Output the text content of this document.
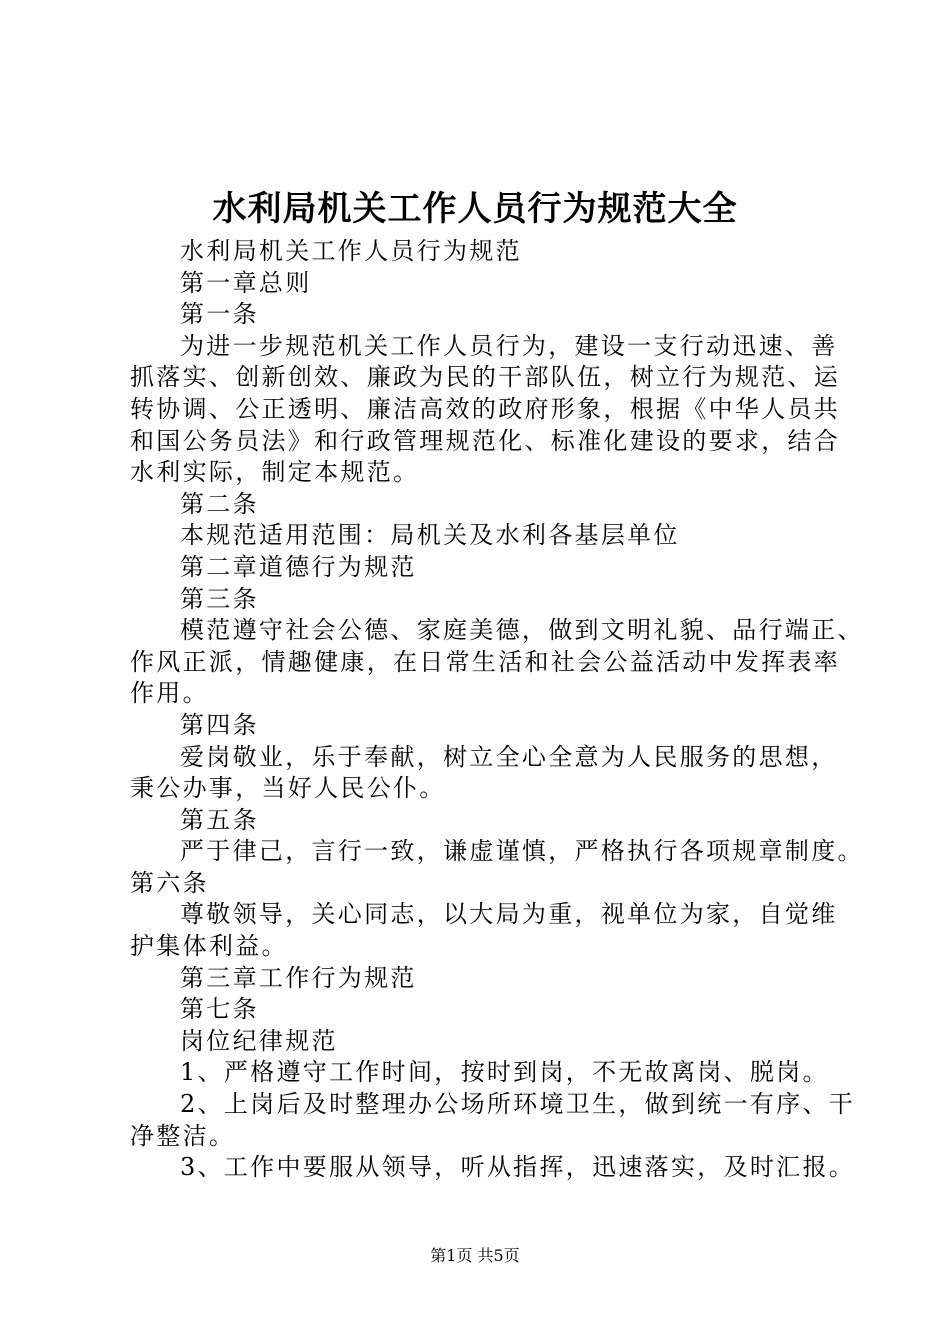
水利局机关工作人员行为规范大全
水利局机关工作人员行为规范
第一章总则
第一条
为进一步规范机关工作人员行为，建设一支行动迅速、善
抓落实、创新创效、廉政为民的干部队伍，树立行为规范、运
转协调、公正透明、廉洁高效的政府形象，根据《中华人员共
和国公务员法》和行政管理规范化、标准化建设的要求，结合
水利实际，制定本规范。
第二条
本规范适用范围：局机关及水利各基层单位
第二章道德行为规范
第三条
模范遵守社会公德、家庭美德，做到文明礼貌、品行端正、
作风正派，情趣健康，在日常生活和社会公益活动中发挥表率
作用。
第四条
爱岗敬业，乐于奉献，树立全心全意为人民服务的思想，
秉公办事，当好人民公仆。
第五条
严于律己，言行一致，谦虚谨慎，严格执行各项规章制度。
第六条
尊敬领导，关心同志，以大局为重，视单位为家，自觉维
护集体利益。
第三章工作行为规范
第七条
岗位纪律规范
1、严格遵守工作时间，按时到岗，不无故离岗、脱岗。
2、上岗后及时整理办公场所环境卫生，做到统一有序、干
净整洁。
3、工作中要服从领导，听从指挥，迅速落实，及时汇报。
第1页 共5页
